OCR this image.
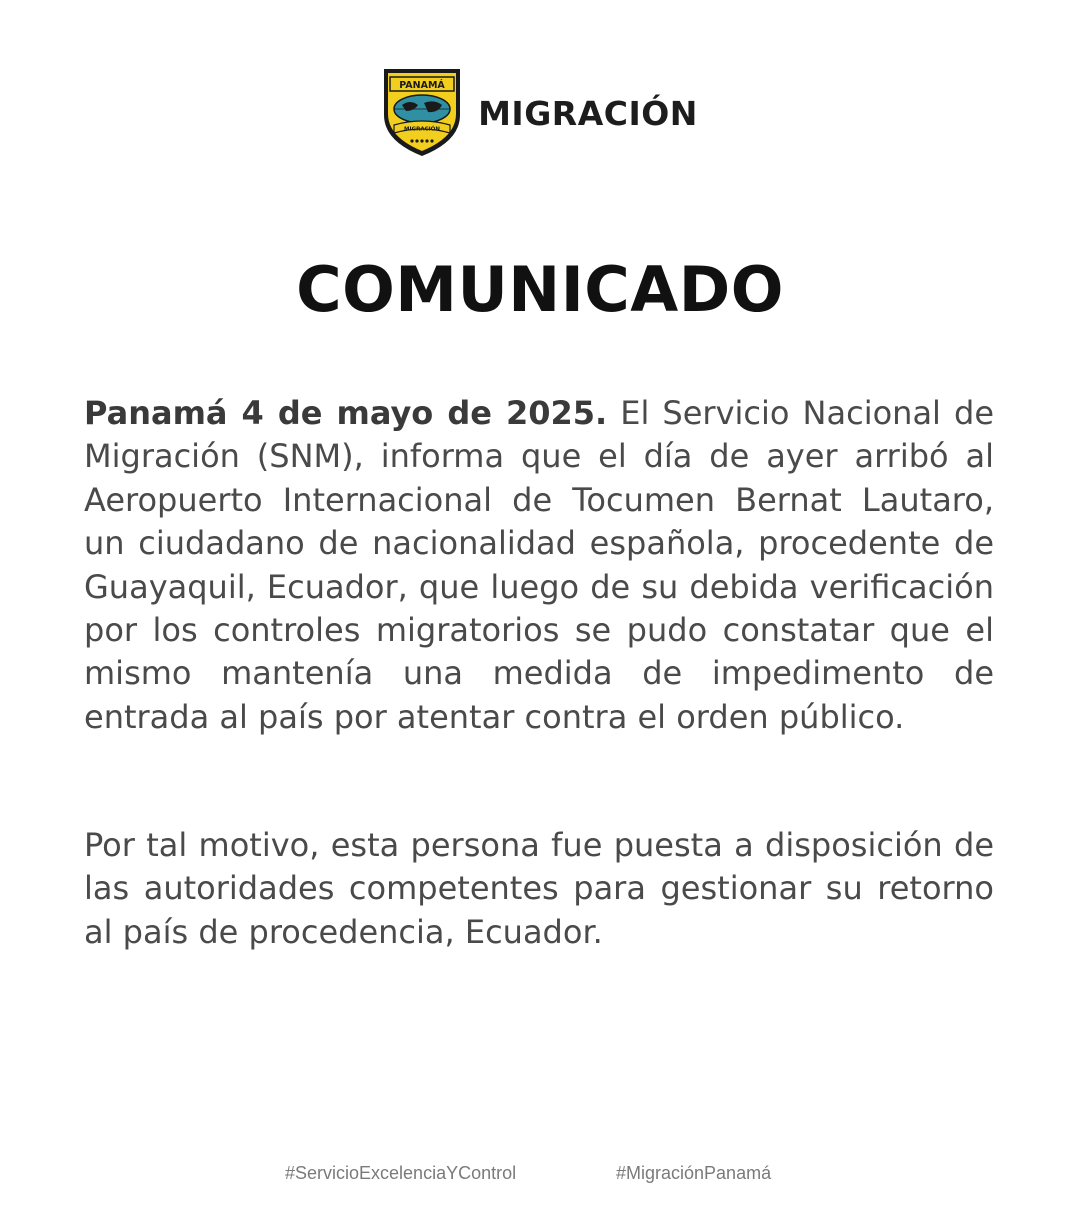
PANAMÁ
MIGRACIÓN MIGRACIÓN
COMUNICADO

Panamá 4 de mayo de 2025. El Servicio Nacional de Migración (SNM), informa que el día de ayer arribó al Aeropuerto Internacional de Tocumen Bernat Lautaro, un ciudadano de nacionalidad española, procedente de Guayaquil, Ecuador, que luego de su debida verificación por los controles migratorios se pudo constatar que el mismo mantenía una medida de impedimento de entrada al país por atentar contra el orden público.

Por tal motivo, esta persona fue puesta a disposición de las autoridades competentes para gestionar su retorno al país de procedencia, Ecuador.

#ServicioExcelenciaYControl	#MigraciónPanamá
